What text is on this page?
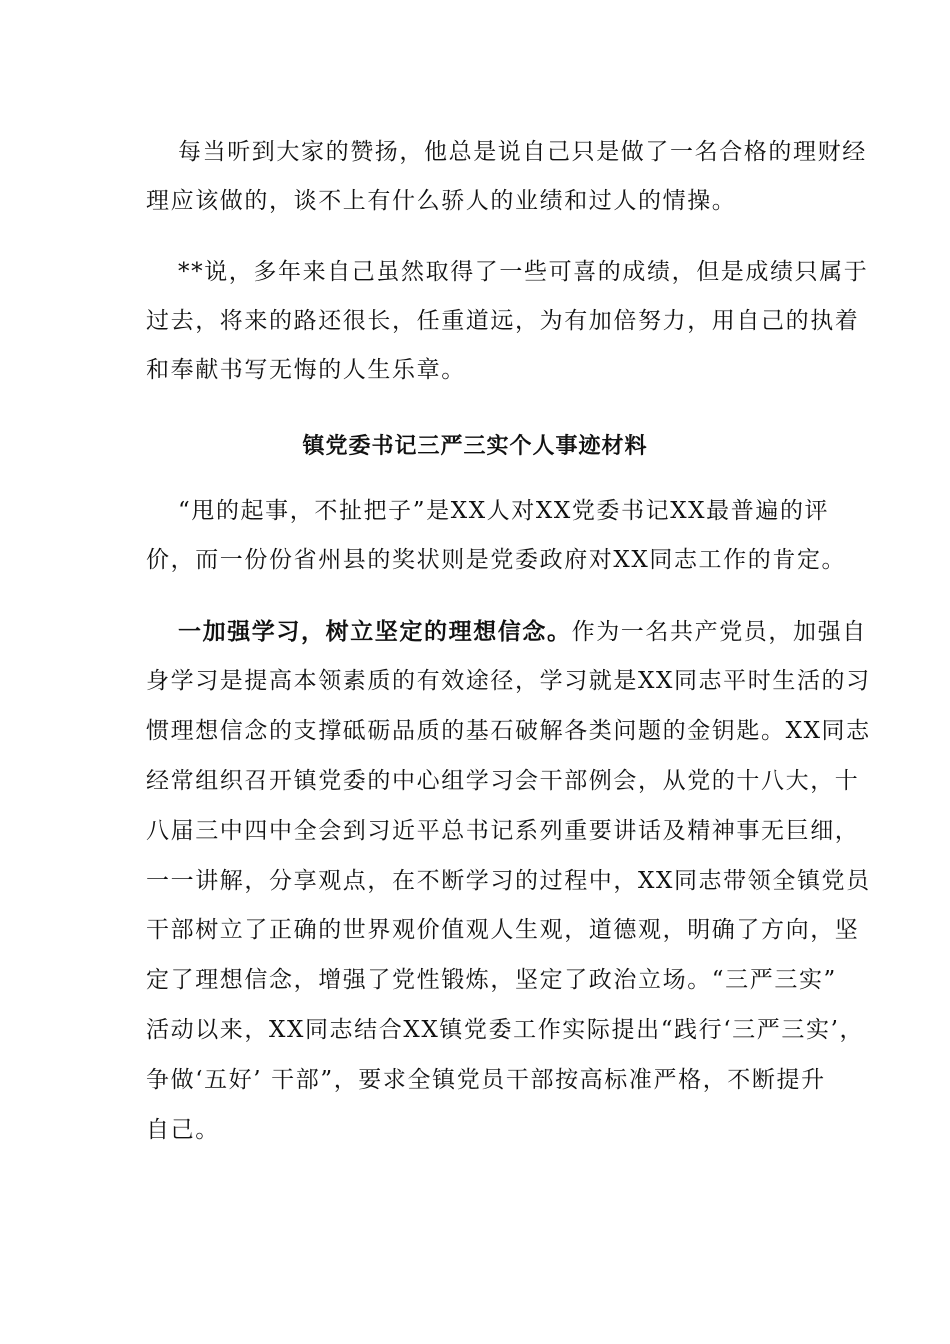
每当听到大家的赞扬，他总是说自己只是做了一名合格的理财经
理应该做的，谈不上有什么骄人的业绩和过人的情操。
**说，多年来自己虽然取得了一些可喜的成绩，但是成绩只属于
过去，将来的路还很长，任重道远，为有加倍努力，用自己的执着
和奉献书写无悔的人生乐章。
镇党委书记三严三实个人事迹材料
“甩的起事，不扯把子”是XX人对XX党委书记XX最普遍的评
价，而一份份省州县的奖状则是党委政府对XX同志工作的肯定。
一加强学习，树立坚定的理想信念。作为一名共产党员，加强自
身学习是提高本领素质的有效途径，学习就是XX同志平时生活的习
惯理想信念的支撑砥砺品质的基石破解各类问题的金钥匙。XX同志
经常组织召开镇党委的中心组学习会干部例会，从党的十八大，十
八届三中四中全会到习近平总书记系列重要讲话及精神事无巨细，
一一讲解，分享观点，在不断学习的过程中，XX同志带领全镇党员
干部树立了正确的世界观价值观人生观，道德观，明确了方向，坚
定了理想信念，增强了党性锻炼，坚定了政治立场。“三严三实”
活动以来，XX同志结合XX镇党委工作实际提出“践行‘三严三实’，
争做‘五好’ 干部”，要求全镇党员干部按高标准严格，不断提升
自己。
